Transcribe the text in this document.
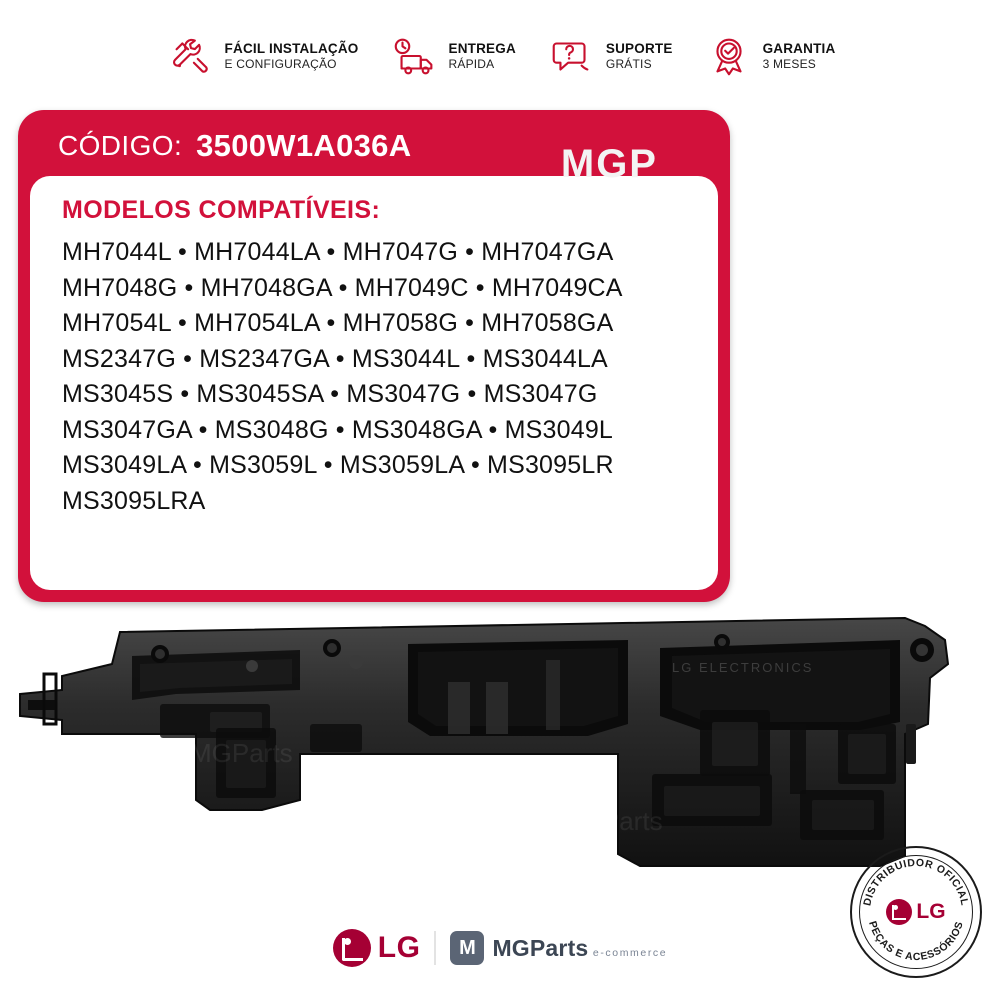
FÁCIL INSTALAÇÃO
E CONFIGURAÇÃO
ENTREGA
RÁPIDA
SUPORTE
GRÁTIS
GARANTIA
3 MESES
CÓDIGO: 3500W1A036A	MGP
MODELOS COMPATÍVEIS:
MH7044L • MH7044LA • MH7047G • MH7047GA
MH7048G • MH7048GA • MH7049C • MH7049CA
MH7054L • MH7054LA • MH7058G • MH7058GA
MS2347G • MS2347GA • MS3044L • MS3044LA
MS3045S • MS3045SA • MS3047G • MS3047G
MS3047GA • MS3048G • MS3048GA • MS3049L
MS3049LA • MS3059L • MS3059LA • MS3095LR
MS3095LRA
LG ELECTRONICS
MGParts
MGParts
LG M	MGParts e-commerce
DISTRIBUIDOR OFICIAL
PEÇAS E ACESSÓRIOS
LG
